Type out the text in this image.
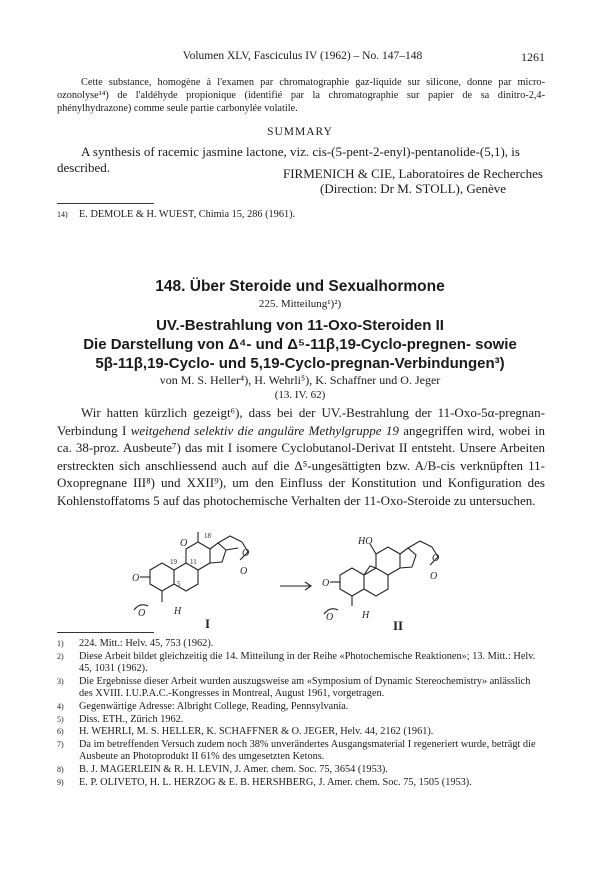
Volumen XLV, Fasciculus IV (1962) – No. 147–148	1261
Cette substance, homogène à l'examen par chromatographie gaz-liquide sur silicone, donne par micro-ozonolyse¹⁴) de l'aldéhyde propionique (identifié par la chromatographie sur papier de sa dinitro-2,4-phénylhydrazone) comme seule partie carbonylée volatile.
SUMMARY
A synthesis of racemic jasmine lactone, viz. cis-(5-pent-2-enyl)-pentanolide-(5,1), is described.	FIRMENICH & CIE, Laboratoires de Recherches
(Direction: Dr M. STOLL), Genève
14) E. DEMOLE & H. WUEST, Chimia 15, 286 (1961).
148. Über Steroide und Sexualhormone
225. Mitteilung¹)²)
UV.-Bestrahlung von 11-Oxo-Steroiden II
Die Darstellung von Δ⁴- und Δ⁵-11β,19-Cyclo-pregnen- sowie
5β-11β,19-Cyclo- und 5,19-Cyclo-pregnan-Verbindungen³)
von M. S. Heller⁴), H. Wehrli⁵), K. Schaffner und O. Jeger
(13. IV. 62)
Wir hatten kürzlich gezeigt⁶), dass bei der UV.-Bestrahlung der 11-Oxo-5α-pregnan-Verbindung I weitgehend selektiv die anguläre Methylgruppe 19 angegriffen wird, wobei in ca. 38-proz. Ausbeute⁷) das mit I isomere Cyclobutanol-Derivat II entsteht. Unsere Arbeiten erstreckten sich anschliessend auch auf die Δ⁵-ungesättigten bzw. A/B-cis verknüpften 11-Oxopregnane III⁸) und XXII⁹), um den Einfluss der Konstitution und Konfiguration des Kohlenstoffatoms 5 auf das photochemische Verhalten der 11-Oxo-Steroide zu untersuchen.
O
O	H
O
18
19 11
5
O
O
I
HO
O
O	H
O
O
II
1) 224. Mitt.: Helv. 45, 753 (1962).
2) Diese Arbeit bildet gleichzeitig die 14. Mitteilung in der Reihe «Photochemische Reaktionen»; 13. Mitt.: Helv. 45, 1031 (1962).
3) Die Ergebnisse dieser Arbeit wurden auszugsweise am «Symposium of Dynamic Stereochemistry» anlässlich des XVIII. I.U.P.A.C.-Kongresses in Montreal, August 1961, vorgetragen.
4) Gegenwärtige Adresse: Albright College, Reading, Pennsylvania.
5) Diss. ETH., Zürich 1962.
6) H. WEHRLI, M. S. HELLER, K. SCHAFFNER & O. JEGER, Helv. 44, 2162 (1961).
7) Da im betreffenden Versuch zudem noch 38% unverändertes Ausgangsmaterial I regeneriert wurde, beträgt die Ausbeute an Photoprodukt II 61% des umgesetzten Ketons.
8) B. J. MAGERLEIN & R. H. LEVIN, J. Amer. chem. Soc. 75, 3654 (1953).
9) E. P. OLIVETO, H. L. HERZOG & E. B. HERSHBERG, J. Amer. chem. Soc. 75, 1505 (1953).
